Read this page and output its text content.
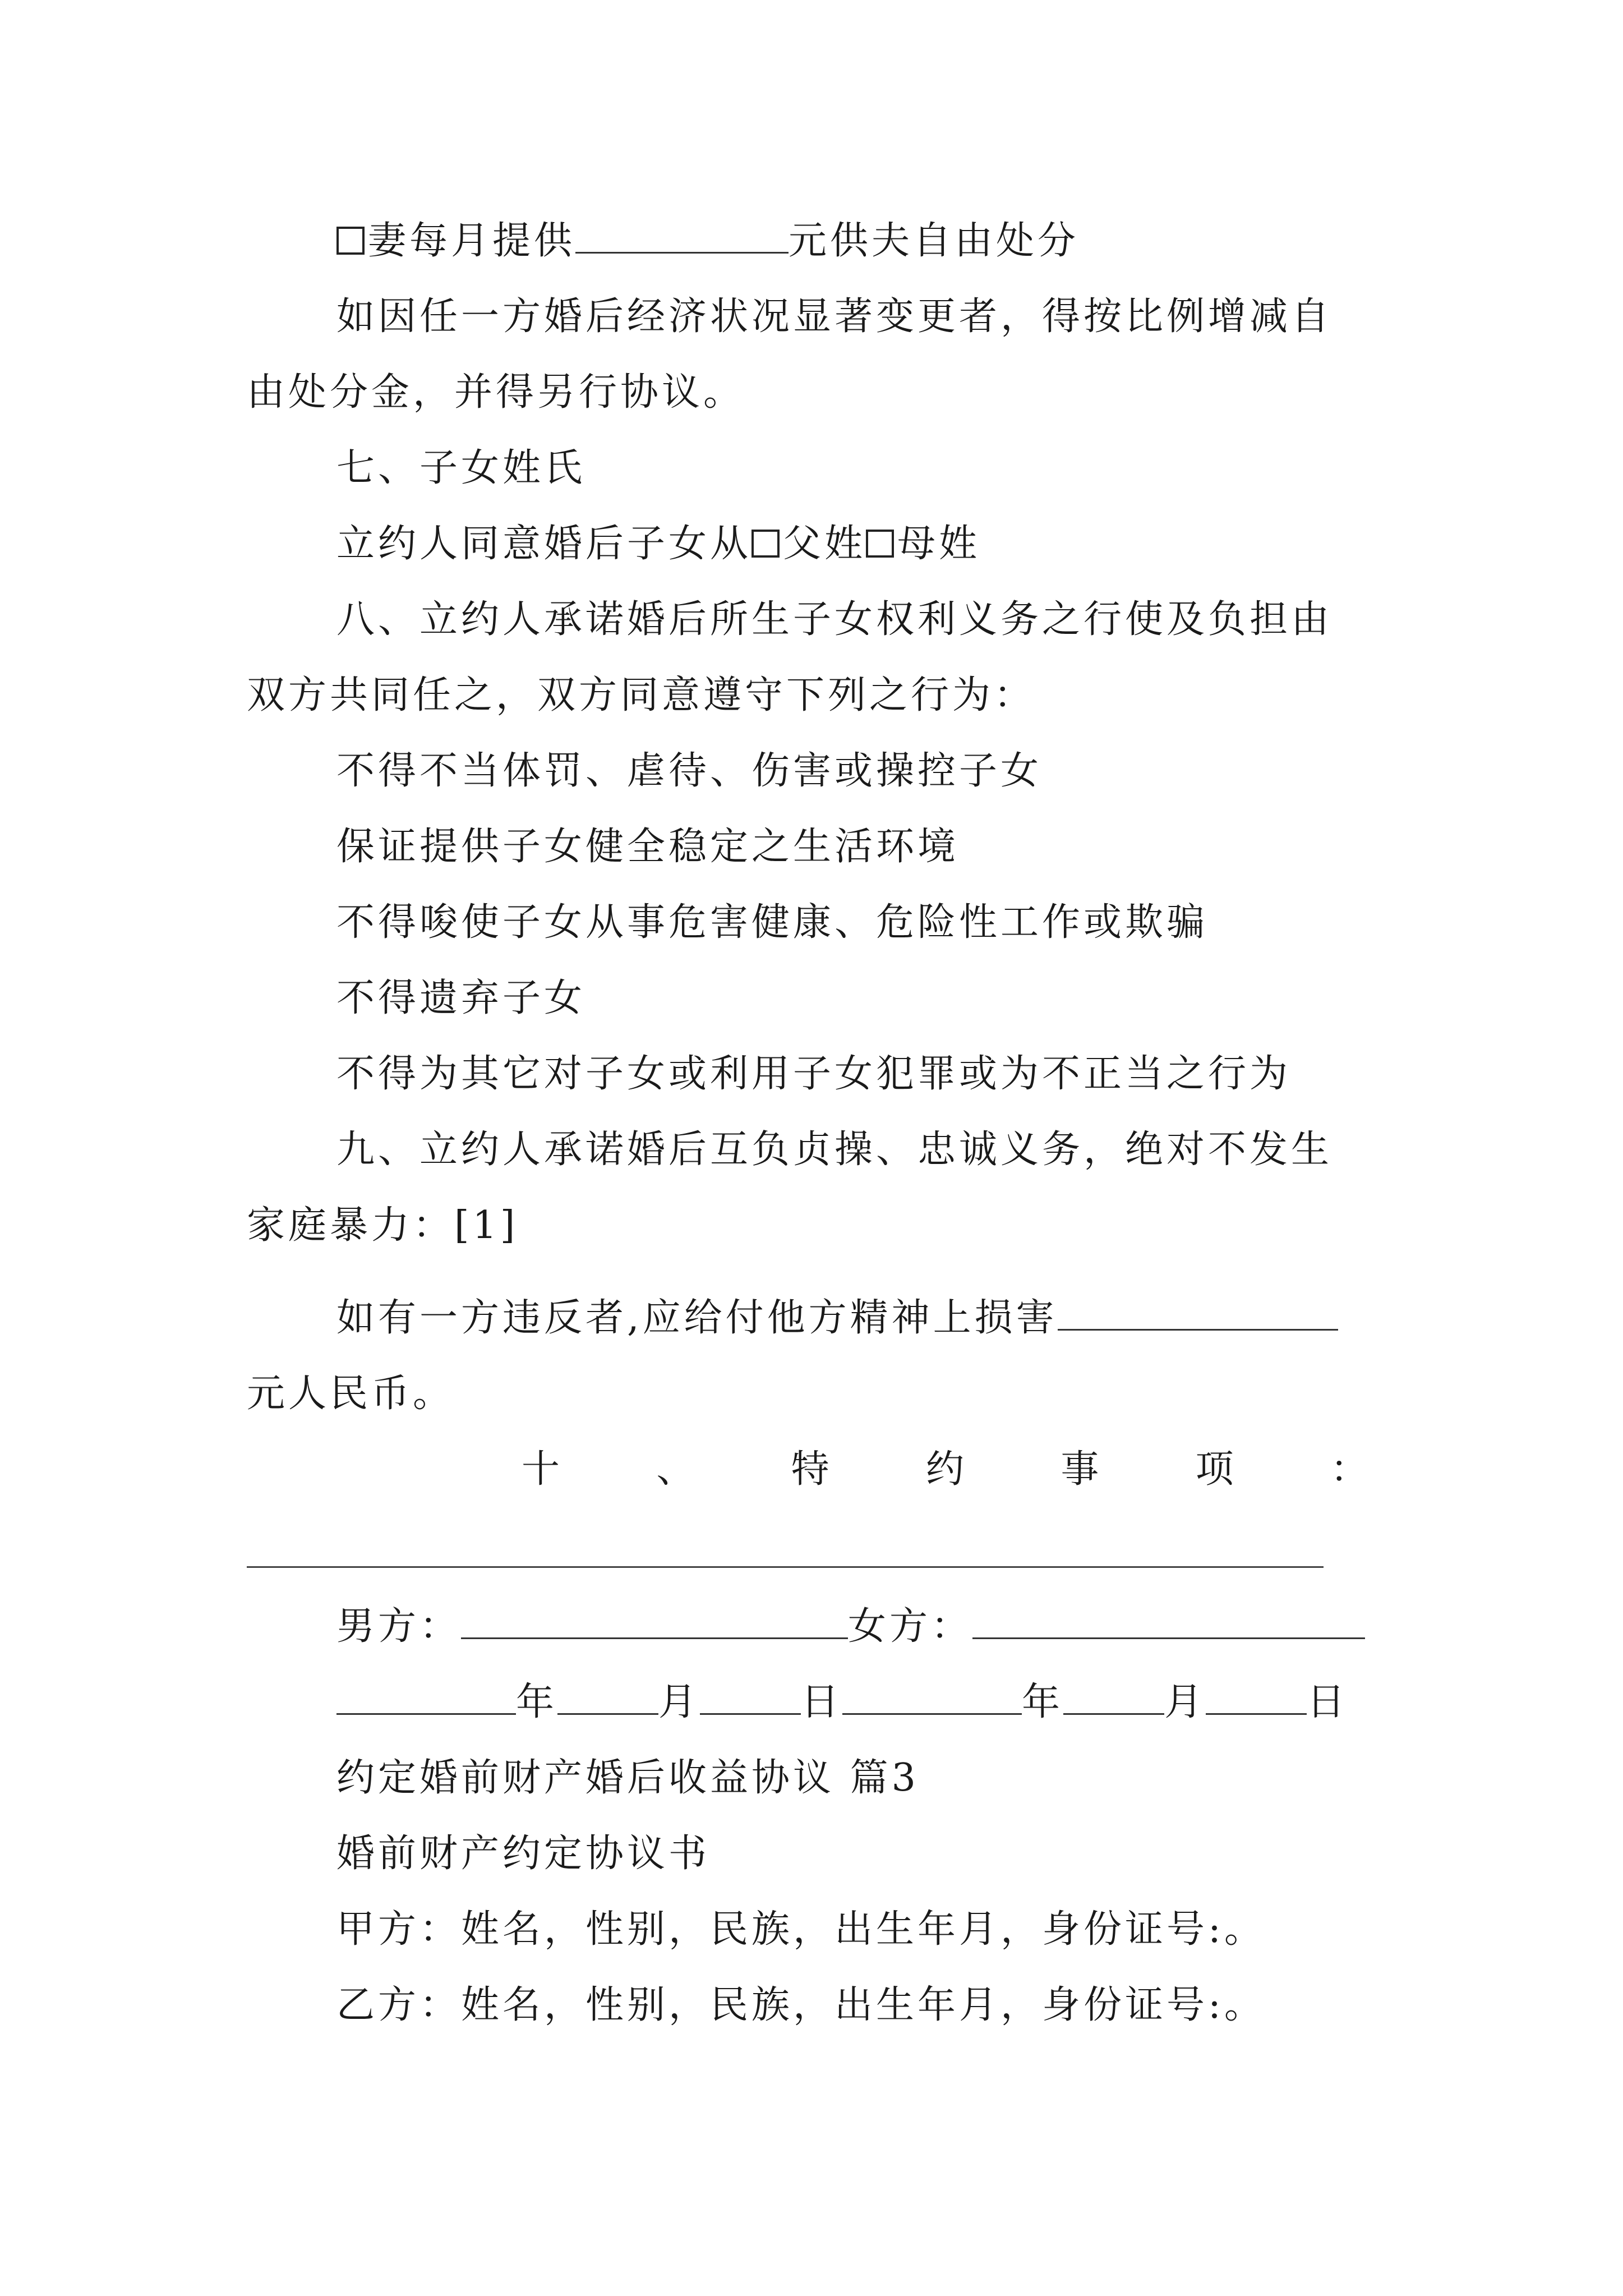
妻每月提供	元供夫自由处分
如因任一方婚后经济状况显著变更者，得按比例增减自
由处分金，并得另行协议。
七、子女姓氏
立约人同意婚后子女从 父姓 母姓
八、立约人承诺婚后所生子女权利义务之行使及负担由
双方共同任之，双方同意遵守下列之行为：
不得不当体罚、虐待、伤害或操控子女
保证提供子女健全稳定之生活环境
不得唆使子女从事危害健康、危险性工作或欺骗
不得遗弃子女
不得为其它对子女或利用子女犯罪或为不正当之行为
九、立约人承诺婚后互负贞操、忠诚义务，绝对不发生
家庭暴力：[1]
如有一方违反者,应给付他方精神上损害
元人民币。
十	、	特	约	事	项	：
男方：	女方：
年	月	日	年	月	日
约定婚前财产婚后收益协议 篇3
婚前财产约定协议书
甲方：姓名，性别，民族，出生年月，身份证号:。
乙方：姓名，性别，民族，出生年月，身份证号:。
